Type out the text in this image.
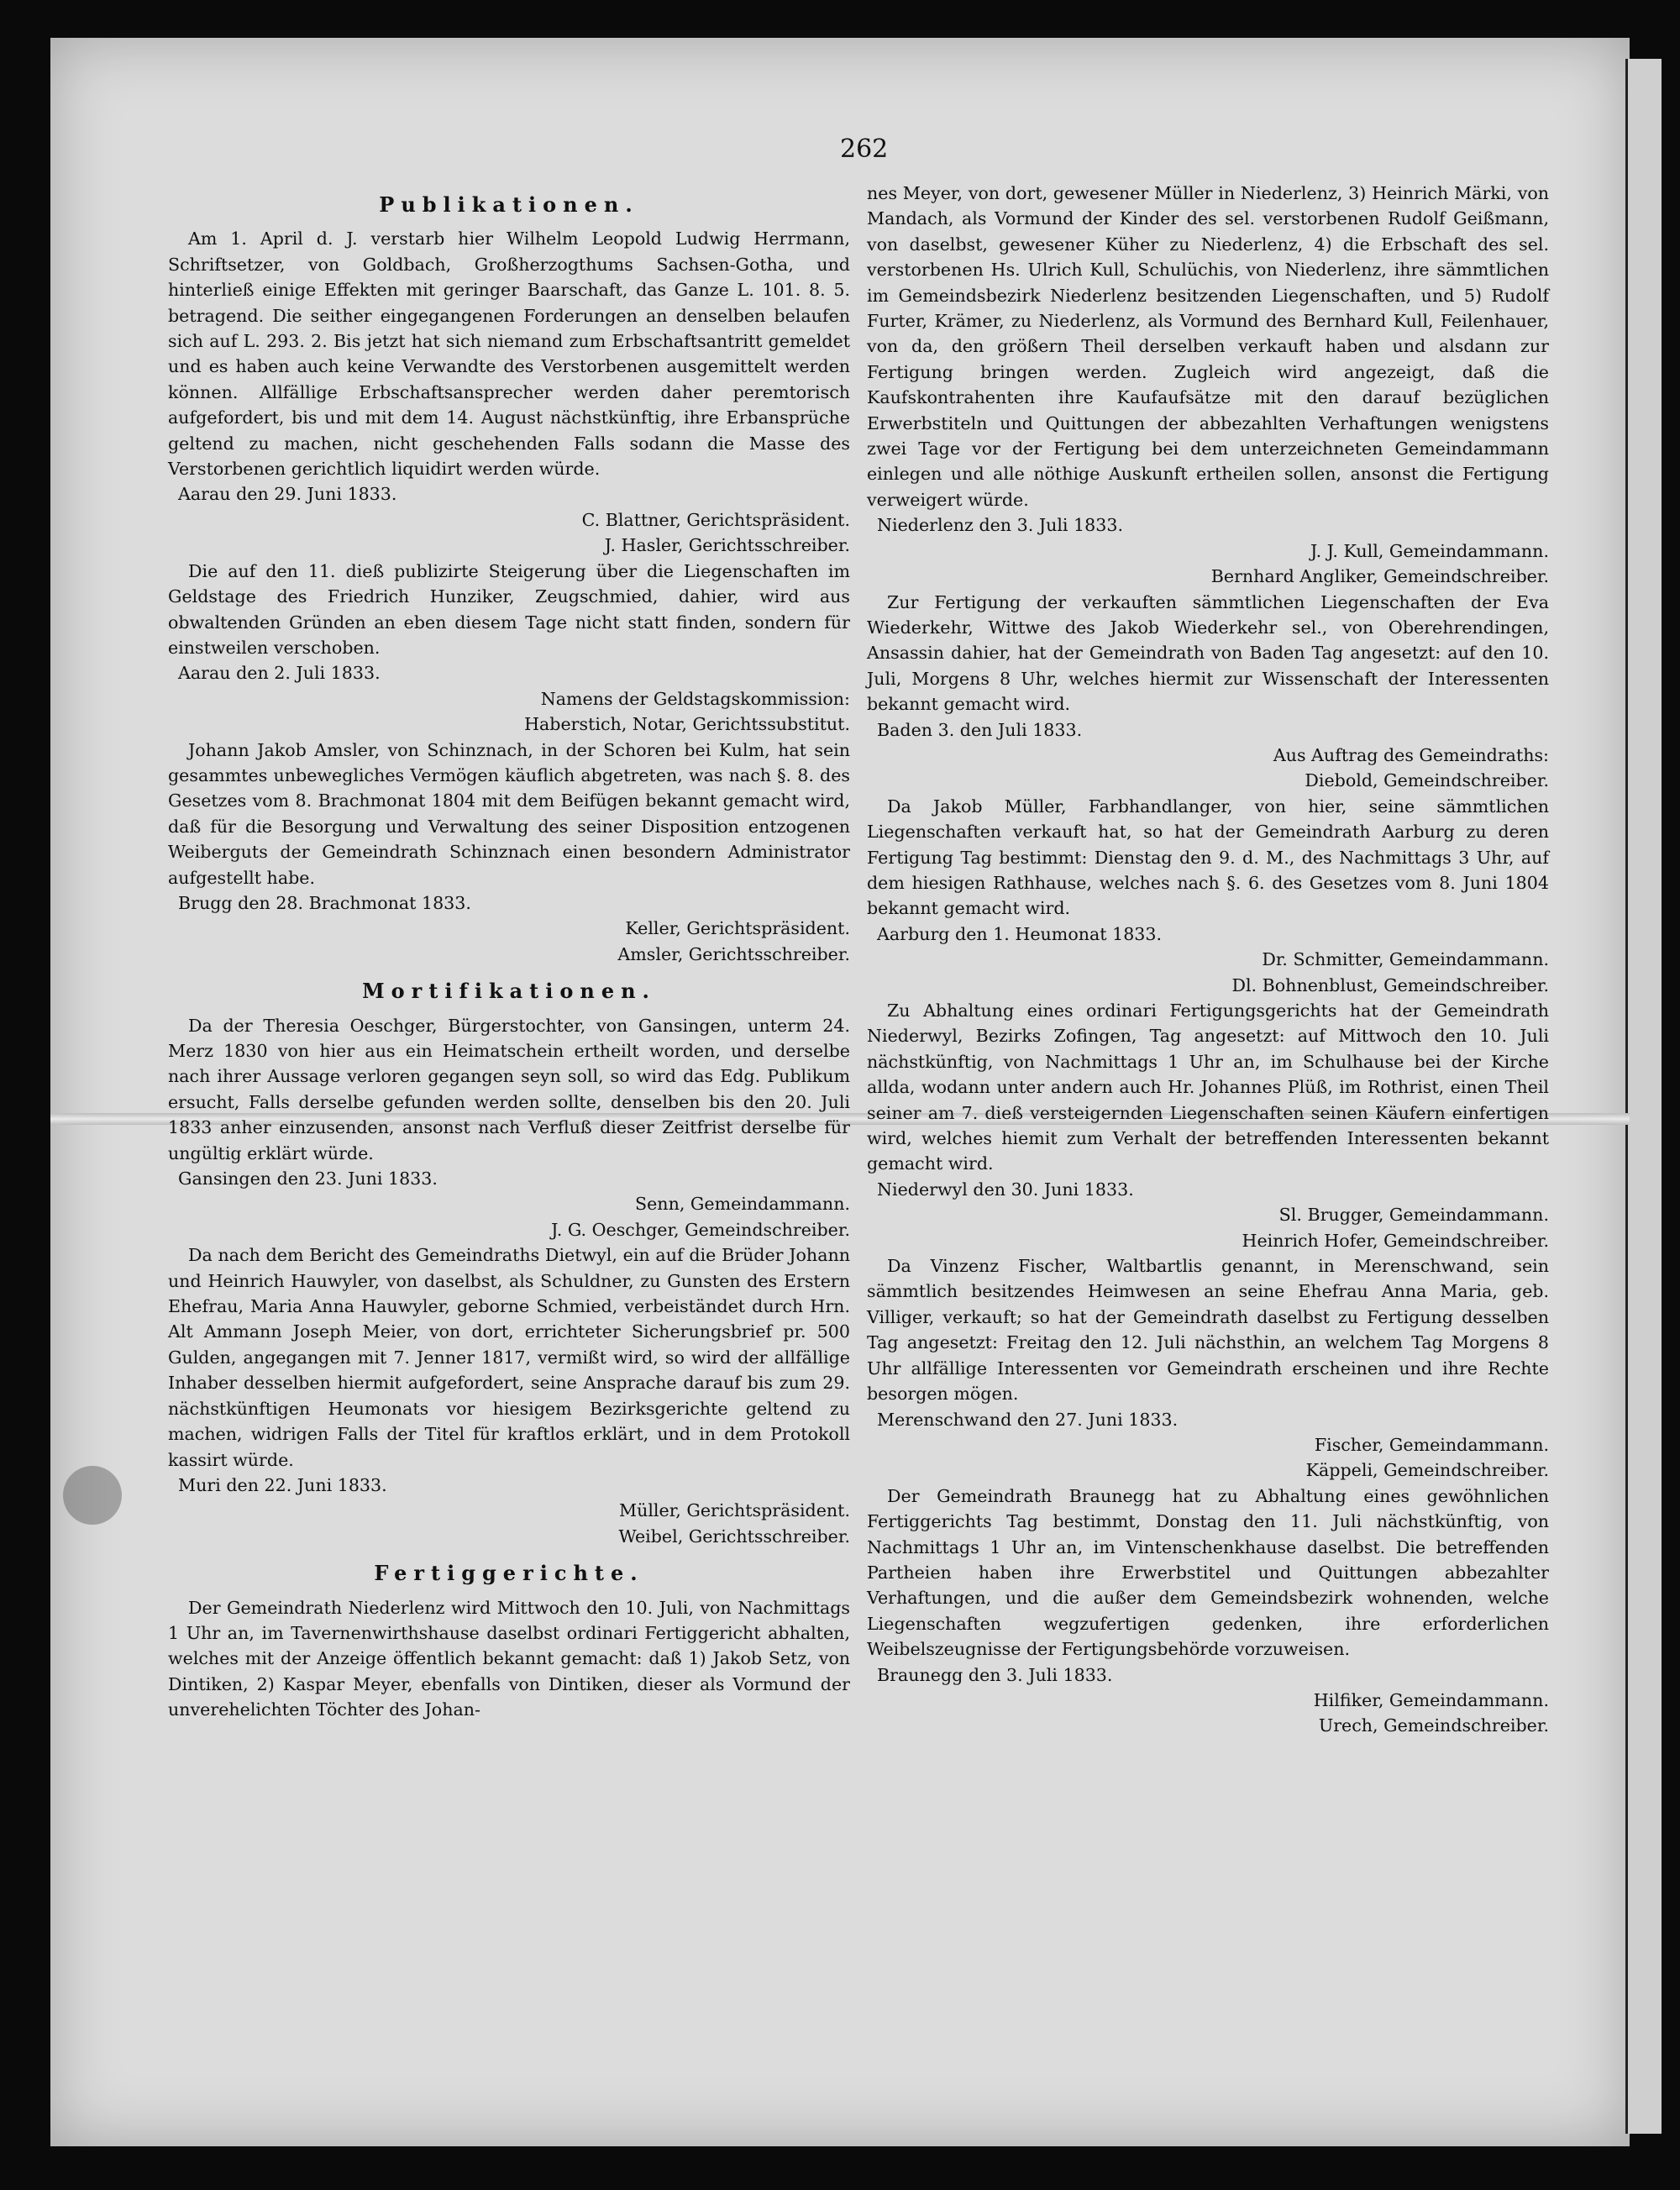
262
Publikationen.

Am 1. April d. J. verstarb hier Wilhelm Leopold Ludwig Herrmann, Schriftsetzer, von Goldbach, Großherzogthums Sachsen-Gotha, und hinterließ einige Effekten mit geringer Baarschaft, das Ganze L. 101. 8. 5. betragend. Die seither eingegangenen Forderungen an denselben belaufen sich auf L. 293. 2. Bis jetzt hat sich niemand zum Erbschaftsantritt gemeldet und es haben auch keine Verwandte des Verstorbenen ausgemittelt werden können. Allfällige Erbschaftsansprecher werden daher peremtorisch aufgefordert, bis und mit dem 14. August nächstkünftig, ihre Erbansprüche geltend zu machen, nicht geschehenden Falls sodann die Masse des Verstorbenen gerichtlich liquidirt werden würde.

Aarau den 29. Juni 1833.

C. Blattner, Gerichtspräsident.

J. Hasler, Gerichtsschreiber.

Die auf den 11. dieß publizirte Steigerung über die Liegenschaften im Geldstage des Friedrich Hunziker, Zeugschmied, dahier, wird aus obwaltenden Gründen an eben diesem Tage nicht statt finden, sondern für einstweilen verschoben.

Aarau den 2. Juli 1833.

Namens der Geldstagskommission:

Haberstich, Notar, Gerichtssubstitut.

Johann Jakob Amsler, von Schinznach, in der Schoren bei Kulm, hat sein gesammtes unbewegliches Vermögen käuflich abgetreten, was nach §. 8. des Gesetzes vom 8. Brachmonat 1804 mit dem Beifügen bekannt gemacht wird, daß für die Besorgung und Verwaltung des seiner Disposition entzogenen Weiberguts der Gemeindrath Schinznach einen besondern Administrator aufgestellt habe.

Brugg den 28. Brachmonat 1833.

Keller, Gerichtspräsident.

Amsler, Gerichtsschreiber.

Mortifikationen.

Da der Theresia Oeschger, Bürgerstochter, von Gansingen, unterm 24. Merz 1830 von hier aus ein Heimatschein ertheilt worden, und derselbe nach ihrer Aussage verloren gegangen seyn soll, so wird das Edg. Publikum ersucht, Falls derselbe gefunden werden sollte, denselben bis den 20. Juli 1833 anher einzusenden, ansonst nach Verfluß dieser Zeitfrist derselbe für ungültig erklärt würde.

Gansingen den 23. Juni 1833.

Senn, Gemeindammann.

J. G. Oeschger, Gemeindschreiber.

Da nach dem Bericht des Gemeindraths Dietwyl, ein auf die Brüder Johann und Heinrich Hauwyler, von daselbst, als Schuldner, zu Gunsten des Erstern Ehefrau, Maria Anna Hauwyler, geborne Schmied, verbeiständet durch Hrn. Alt Ammann Joseph Meier, von dort, errichteter Sicherungsbrief pr. 500 Gulden, angegangen mit 7. Jenner 1817, vermißt wird, so wird der allfällige Inhaber desselben hiermit aufgefordert, seine Ansprache darauf bis zum 29. nächstkünftigen Heumonats vor hiesigem Bezirksgerichte geltend zu machen, widrigen Falls der Titel für kraftlos erklärt, und in dem Protokoll kassirt würde.

Muri den 22. Juni 1833.

Müller, Gerichtspräsident.

Weibel, Gerichtsschreiber.

Fertiggerichte.

Der Gemeindrath Niederlenz wird Mittwoch den 10. Juli, von Nachmittags 1 Uhr an, im Tavernenwirthshause daselbst ordinari Fertiggericht abhalten, welches mit der Anzeige öffentlich bekannt gemacht: daß 1) Jakob Setz, von Dintiken, 2) Kaspar Meyer, ebenfalls von Dintiken, dieser als Vormund der unverehelichten Töchter des Johan-

nes Meyer, von dort, gewesener Müller in Niederlenz, 3) Heinrich Märki, von Mandach, als Vormund der Kinder des sel. verstorbenen Rudolf Geißmann, von daselbst, gewesener Küher zu Niederlenz, 4) die Erbschaft des sel. verstorbenen Hs. Ulrich Kull, Schulüchis, von Niederlenz, ihre sämmtlichen im Gemeindsbezirk Niederlenz besitzenden Liegenschaften, und 5) Rudolf Furter, Krämer, zu Niederlenz, als Vormund des Bernhard Kull, Feilenhauer, von da, den größern Theil derselben verkauft haben und alsdann zur Fertigung bringen werden. Zugleich wird angezeigt, daß die Kaufskontrahenten ihre Kaufaufsätze mit den darauf bezüglichen Erwerbstiteln und Quittungen der abbezahlten Verhaftungen wenigstens zwei Tage vor der Fertigung bei dem unterzeichneten Gemeindammann einlegen und alle nöthige Auskunft ertheilen sollen, ansonst die Fertigung verweigert würde.

Niederlenz den 3. Juli 1833.

J. J. Kull, Gemeindammann.

Bernhard Angliker, Gemeindschreiber.

Zur Fertigung der verkauften sämmtlichen Liegenschaften der Eva Wiederkehr, Wittwe des Jakob Wiederkehr sel., von Oberehrendingen, Ansassin dahier, hat der Gemeindrath von Baden Tag angesetzt: auf den 10. Juli, Morgens 8 Uhr, welches hiermit zur Wissenschaft der Interessenten bekannt gemacht wird.

Baden 3. den Juli 1833.

Aus Auftrag des Gemeindraths:

Diebold, Gemeindschreiber.

Da Jakob Müller, Farbhandlanger, von hier, seine sämmtlichen Liegenschaften verkauft hat, so hat der Gemeindrath Aarburg zu deren Fertigung Tag bestimmt: Dienstag den 9. d. M., des Nachmittags 3 Uhr, auf dem hiesigen Rathhause, welches nach §. 6. des Gesetzes vom 8. Juni 1804 bekannt gemacht wird.

Aarburg den 1. Heumonat 1833.

Dr. Schmitter, Gemeindammann.

Dl. Bohnenblust, Gemeindschreiber.

Zu Abhaltung eines ordinari Fertigungsgerichts hat der Gemeindrath Niederwyl, Bezirks Zofingen, Tag angesetzt: auf Mittwoch den 10. Juli nächstkünftig, von Nachmittags 1 Uhr an, im Schulhause bei der Kirche allda, wodann unter andern auch Hr. Johannes Plüß, im Rothrist, einen Theil seiner am 7. dieß versteigernden Liegenschaften seinen Käufern einfertigen wird, welches hiemit zum Verhalt der betreffenden Interessenten bekannt gemacht wird.

Niederwyl den 30. Juni 1833.

Sl. Brugger, Gemeindammann.

Heinrich Hofer, Gemeindschreiber.

Da Vinzenz Fischer, Waltbartlis genannt, in Merenschwand, sein sämmtlich besitzendes Heimwesen an seine Ehefrau Anna Maria, geb. Villiger, verkauft; so hat der Gemeindrath daselbst zu Fertigung desselben Tag angesetzt: Freitag den 12. Juli nächsthin, an welchem Tag Morgens 8 Uhr allfällige Interessenten vor Gemeindrath erscheinen und ihre Rechte besorgen mögen.

Merenschwand den 27. Juni 1833.

Fischer, Gemeindammann.

Käppeli, Gemeindschreiber.

Der Gemeindrath Braunegg hat zu Abhaltung eines gewöhnlichen Fertiggerichts Tag bestimmt, Donstag den 11. Juli nächstkünftig, von Nachmittags 1 Uhr an, im Vintenschenkhause daselbst. Die betreffenden Partheien haben ihre Erwerbstitel und Quittungen abbezahlter Verhaftungen, und die außer dem Gemeindsbezirk wohnenden, welche Liegenschaften wegzufertigen gedenken, ihre erforderlichen Weibelszeugnisse der Fertigungsbehörde vorzuweisen.

Braunegg den 3. Juli 1833.

Hilfiker, Gemeindammann.

Urech, Gemeindschreiber.
